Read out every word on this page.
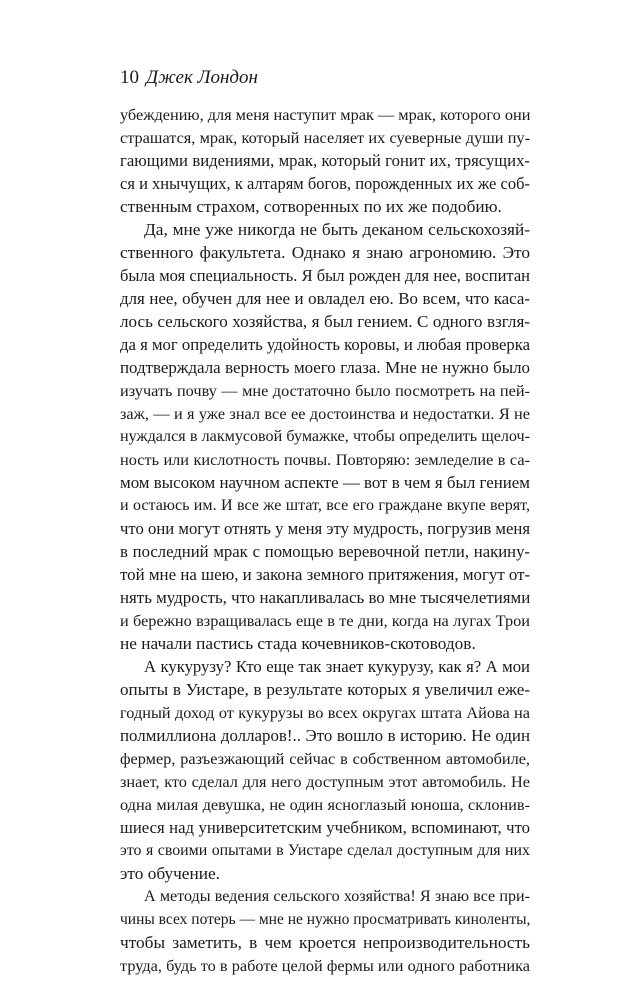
10 Джек Лондон
убеждению, для меня наступит мрак — мрак, которого они
страшатся, мрак, который населяет их суеверные души пу-
гающими видениями, мрак, который гонит их, трясущих-
ся и хнычущих, к алтарям богов, порожденных их же соб-
ственным страхом, сотворенных по их же подобию.
Да, мне уже никогда не быть деканом сельскохозяй-
ственного факультета. Однако я знаю агрономию. Это
была моя специальность. Я был рожден для нее, воспитан
для нее, обучен для нее и овладел ею. Во всем, что каса-
лось сельского хозяйства, я был гением. С одного взгля-
да я мог определить удойность коровы, и любая проверка
подтверждала верность моего глаза. Мне не нужно было
изучать почву — мне достаточно было посмотреть на пей-
заж, — и я уже знал все ее достоинства и недостатки. Я не
нуждался в лакмусовой бумажке, чтобы определить щелоч-
ность или кислотность почвы. Повторяю: земледелие в са-
мом высоком научном аспекте — вот в чем я был гением
и остаюсь им. И все же штат, все его граждане вкупе верят,
что они могут отнять у меня эту мудрость, погрузив меня
в последний мрак с помощью веревочной петли, накину-
той мне на шею, и закона земного притяжения, могут от-
нять мудрость, что накапливалась во мне тысячелетиями
и бережно взращивалась еще в те дни, когда на лугах Трои
не начали пастись стада кочевников-скотоводов.
А кукурузу? Кто еще так знает кукурузу, как я? А мои
опыты в Уистаре, в результате которых я увеличил еже-
годный доход от кукурузы во всех округах штата Айова на
полмиллиона долларов!.. Это вошло в историю. Не один
фермер, разъезжающий сейчас в собственном автомобиле,
знает, кто сделал для него доступным этот автомобиль. Не
одна милая девушка, не один ясноглазый юноша, склонив-
шиеся над университетским учебником, вспоминают, что
это я своими опытами в Уистаре сделал доступным для них
это обучение.
А методы ведения сельского хозяйства! Я знаю все при-
чины всех потерь — мне не нужно просматривать киноленты,
чтобы заметить, в чем кроется непроизводительность
труда, будь то в работе целой фермы или одного работника
